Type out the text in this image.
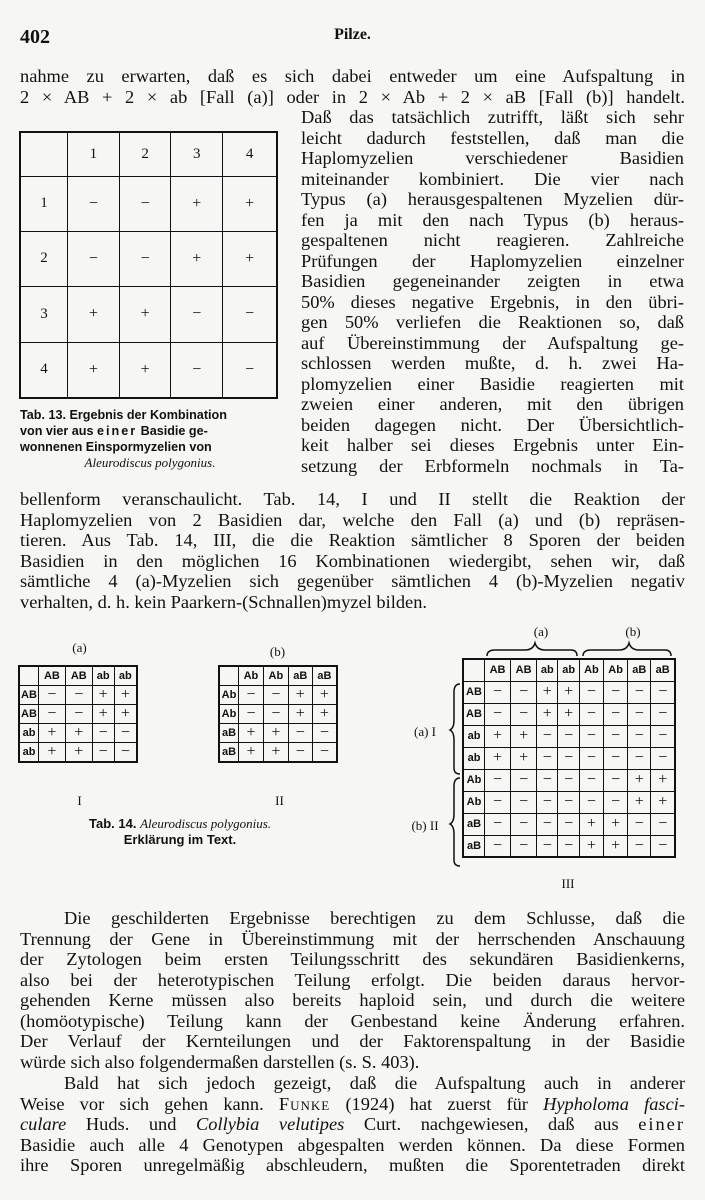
402	Pilze.
nahme zu erwarten, daß es sich dabei entweder um eine Aufspaltung in
2 × AB + 2 × ab [Fall (a)] oder in 2 × Ab + 2 × aB [Fall (b)] handelt.
	1	2	3	4
1	−	−	+	+
2	−	−	+	+
3	+	+	−	−
4	+	+	−	−
Tab. 13. Ergebnis der Kombination
von vier aus einer Basidie ge-
wonnenen Einspormyzelien von
Aleurodiscus polygonius.
Daß das tatsächlich zutrifft, läßt sich sehr
leicht dadurch feststellen, daß man die
Haplomyzelien verschiedener Basidien
miteinander kombiniert. Die vier nach
Typus (a) herausgespaltenen Myzelien dür-
fen ja mit den nach Typus (b) heraus-
gespaltenen nicht reagieren. Zahlreiche
Prüfungen der Haplomyzelien einzelner
Basidien gegeneinander zeigten in etwa
50% dieses negative Ergebnis, in den übri-
gen 50% verliefen die Reaktionen so, daß
auf Übereinstimmung der Aufspaltung ge-
schlossen werden mußte, d. h. zwei Ha-
plomyzelien einer Basidie reagierten mit
zweien einer anderen, mit den übrigen
beiden dagegen nicht. Der Übersichtlich-
keit halber sei dieses Ergebnis unter Ein-
setzung der Erbformeln nochmals in Ta-
bellenform veranschaulicht. Tab. 14, I und II stellt die Reaktion der
Haplomyzelien von 2 Basidien dar, welche den Fall (a) und (b) repräsen-
tieren. Aus Tab. 14, III, die die Reaktion sämtlicher 8 Sporen der beiden
Basidien in den möglichen 16 Kombinationen wiedergibt, sehen wir, daß
sämtliche 4 (a)-Myzelien sich gegenüber sämtlichen 4 (b)-Myzelien negativ
verhalten, d. h. kein Paarkern-(Schnallen)myzel bilden.
(a)
	AB	AB	ab	ab
AB	−	−	+	+
AB	−	−	+	+
ab	+	+	−	−
ab	+	+	−	−
I
(b)
	Ab	Ab	aB	aB
Ab	−	−	+	+
Ab	−	−	+	+
aB	+	+	−	−
aB	+	+	−	−
II
Tab. 14. Aleurodiscus polygonius.
Erklärung im Text.
(a)	(b)
(a) I
(b) II
	AB	AB	ab	ab	Ab	Ab	aB	aB
AB	−	−	+	+	−	−	−	−
AB	−	−	+	+	−	−	−	−
ab	+	+	−	−	−	−	−	−
ab	+	+	−	−	−	−	−	−
Ab	−	−	−	−	−	−	+	+
Ab	−	−	−	−	−	−	+	+
aB	−	−	−	−	+	+	−	−
aB	−	−	−	−	+	+	−	−
III
Die geschilderten Ergebnisse berechtigen zu dem Schlusse, daß die
Trennung der Gene in Übereinstimmung mit der herrschenden Anschauung
der Zytologen beim ersten Teilungsschritt des sekundären Basidienkerns,
also bei der heterotypischen Teilung erfolgt. Die beiden daraus hervor-
gehenden Kerne müssen also bereits haploid sein, und durch die weitere
(homöotypische) Teilung kann der Genbestand keine Änderung erfahren.
Der Verlauf der Kernteilungen und der Faktorenspaltung in der Basidie
würde sich also folgendermaßen darstellen (s. S. 403).
Bald hat sich jedoch gezeigt, daß die Aufspaltung auch in anderer
Weise vor sich gehen kann. Funke (1924) hat zuerst für Hypholoma fasci-
culare Huds. und Collybia velutipes Curt. nachgewiesen, daß aus einer
Basidie auch alle 4 Genotypen abgespalten werden können. Da diese Formen
ihre Sporen unregelmäßig abschleudern, mußten die Sporentetraden direkt
